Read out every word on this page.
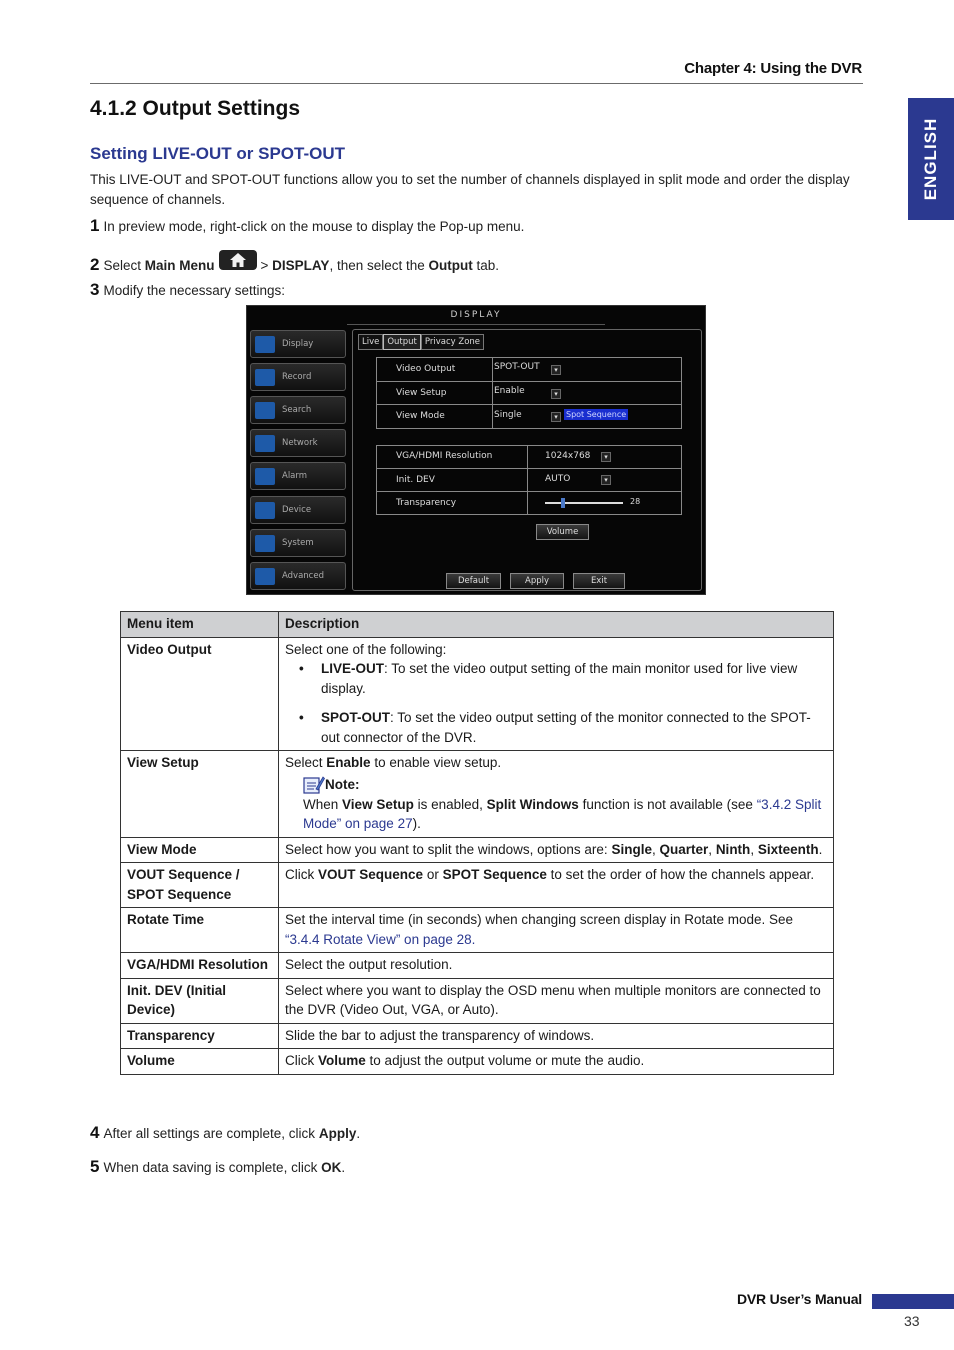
Chapter 4: Using the DVR
ENGLISH
4.1.2 Output Settings
Setting LIVE-OUT or SPOT-OUT
This LIVE-OUT and SPOT-OUT functions allow you to set the number of channels displayed in split mode and order the display sequence of channels.
1 In preview mode, right-click on the mouse to display the Pop-up menu.
2 Select
Main Menu	>
DISPLAY , then select the
Output
tab.
3 Modify the necessary settings:
DISPLAY
Display
Record
Search
Network
Alarm
Device
System
Advanced
Live Output Privacy Zone
Video Output	SPOT-OUT	▾
View Setup	Enable	▾
View Mode	Single	▾	Spot Sequence
VGA/HDMI Resolution	1024x768	▾
Init. DEV	AUTO	▾
Transparency	28
Volume
Default	Apply	Exit
Menu item	Description
Video Output	Select one of the following:
• LIVE-OUT: To set the video output setting of the main monitor used for live view display.
• SPOT-OUT: To set the video output setting of the monitor connected to the SPOT-out connector of the DVR.

View Setup	Select Enable to enable view setup.
Note:
When View Setup is enabled, Split Windows function is not available (see “3.4.2 Split Mode” on page 27).

View Mode	Select how you want to split the windows, options are: Single, Quarter, Ninth, Sixteenth.
VOUT Sequence / SPOT Sequence	Click VOUT Sequence or SPOT Sequence to set the order of how the channels appear.
Rotate Time	Set the interval time (in seconds) when changing screen display in Rotate mode. See “3.4.4 Rotate View” on page 28.
VGA/HDMI Resolution	Select the output resolution.
Init. DEV (Initial Device)	Select where you want to display the OSD menu when multiple monitors are connected to the DVR (Video Out, VGA, or Auto).
Transparency	Slide the bar to adjust the transparency of windows.
Volume	Click Volume to adjust the output volume or mute the audio.
4 After all settings are complete, click
Apply .
5 When data saving is complete, click
OK .
DVR User’s Manual
33
